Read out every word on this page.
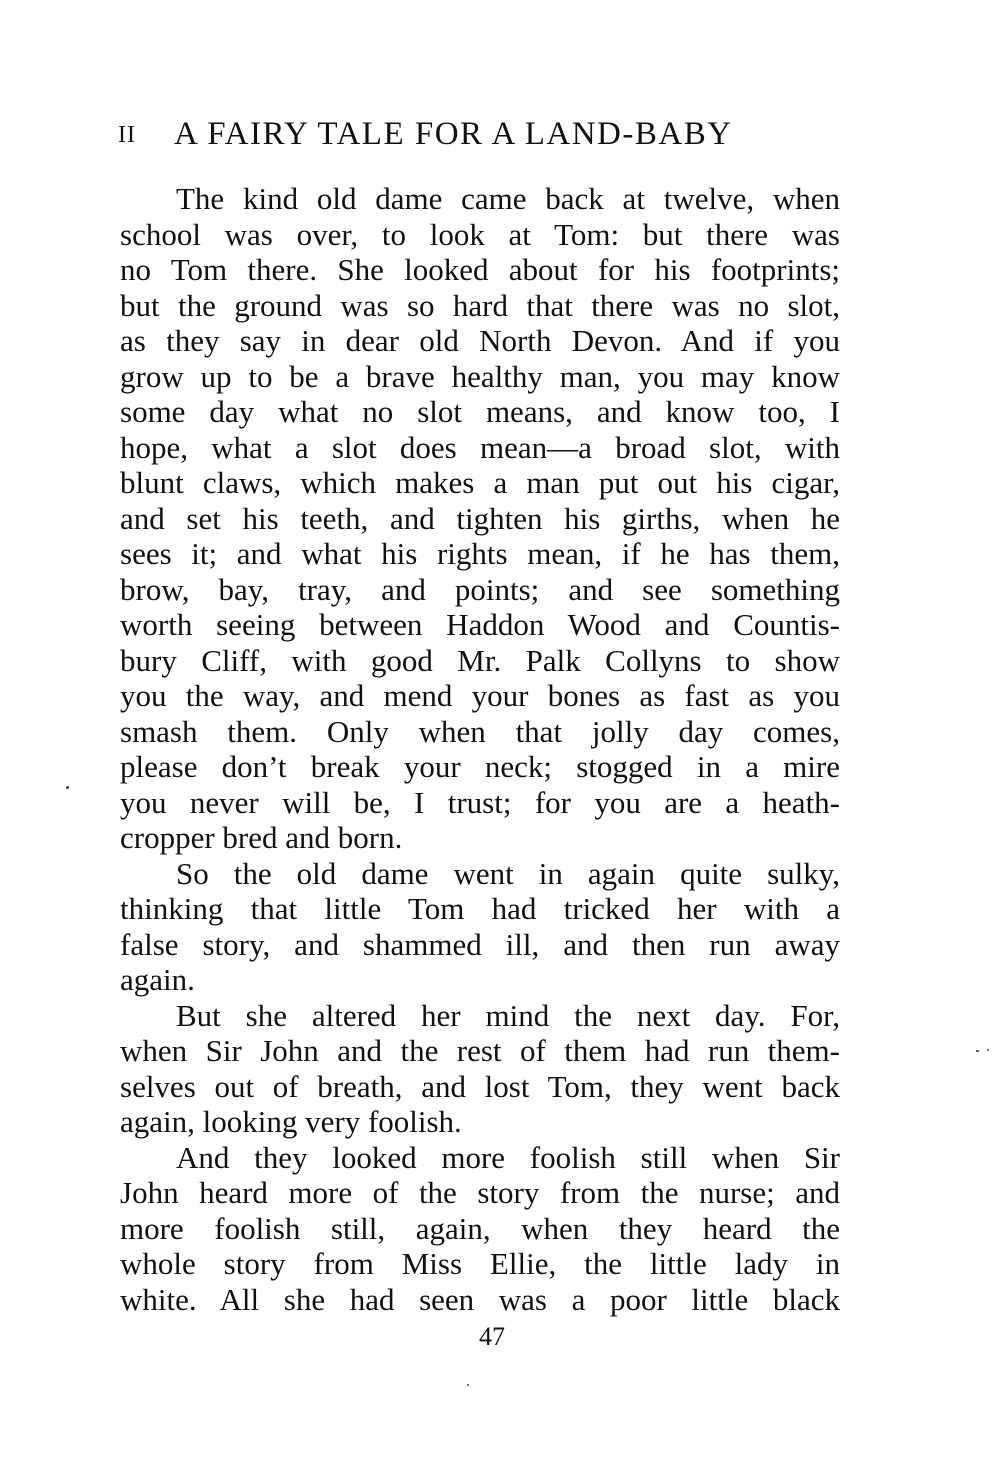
II A FAIRY TALE FOR A LAND-BABY

The kind old dame came back at twelve, when
school was over, to look at Tom: but there was
no Tom there. She looked about for his footprints;
but the ground was so hard that there was no slot,
as they say in dear old North Devon. And if you
grow up to be a brave healthy man, you may know
some day what no slot means, and know too, I
hope, what a slot does mean—a broad slot, with
blunt claws, which makes a man put out his cigar,
and set his teeth, and tighten his girths, when he
sees it; and what his rights mean, if he has them,
brow, bay, tray, and points; and see something
worth seeing between Haddon Wood and Countis-
bury Cliff, with good Mr. Palk Collyns to show
you the way, and mend your bones as fast as you
smash them. Only when that jolly day comes,
please don’t break your neck; stogged in a mire
you never will be, I trust; for you are a heath-
cropper bred and born.

So the old dame went in again quite sulky,
thinking that little Tom had tricked her with a
false story, and shammed ill, and then run away
again.

But she altered her mind the next day. For,
when Sir John and the rest of them had run them-
selves out of breath, and lost Tom, they went back
again, looking very foolish.

And they looked more foolish still when Sir
John heard more of the story from the nurse; and
more foolish still, again, when they heard the
whole story from Miss Ellie, the little lady in
white. All she had seen was a poor little black

47
